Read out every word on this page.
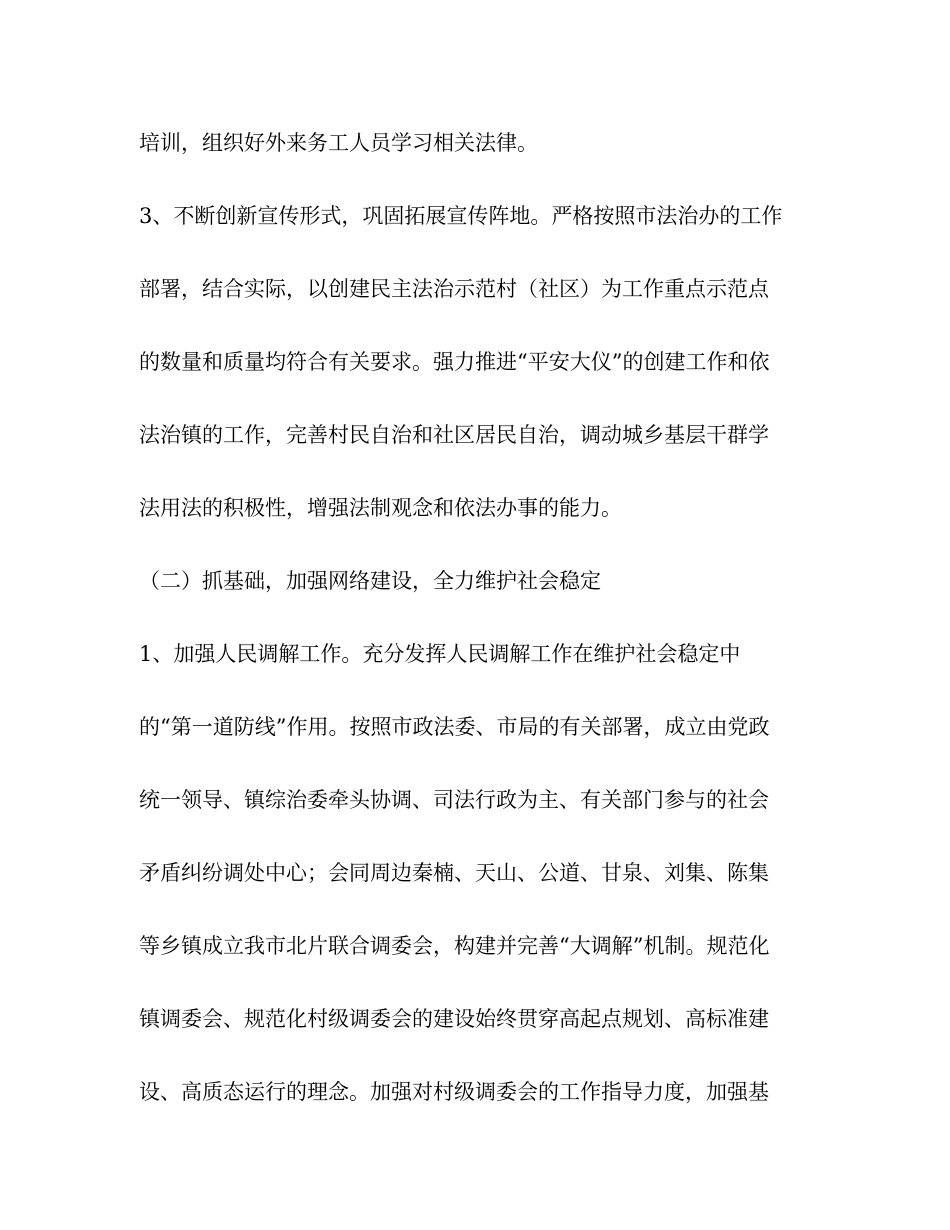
培训，组织好外来务工人员学习相关法律。
3、不断创新宣传形式，巩固拓展宣传阵地。严格按照市法治办的工作
部署，结合实际，以创建民主法治示范村（社区）为工作重点示范点
的数量和质量均符合有关要求。强力推进“平安大仪”的创建工作和依
法治镇的工作，完善村民自治和社区居民自治，调动城乡基层干群学
法用法的积极性，增强法制观念和依法办事的能力。
（二）抓基础，加强网络建设，全力维护社会稳定
1、加强人民调解工作。充分发挥人民调解工作在维护社会稳定中
的“第一道防线”作用。按照市政法委、市局的有关部署，成立由党政
统一领导、镇综治委牵头协调、司法行政为主、有关部门参与的社会
矛盾纠纷调处中心；会同周边秦楠、天山、公道、甘泉、刘集、陈集
等乡镇成立我市北片联合调委会，构建并完善“大调解”机制。规范化
镇调委会、规范化村级调委会的建设始终贯穿高起点规划、高标准建
设、高质态运行的理念。加强对村级调委会的工作指导力度，加强基
